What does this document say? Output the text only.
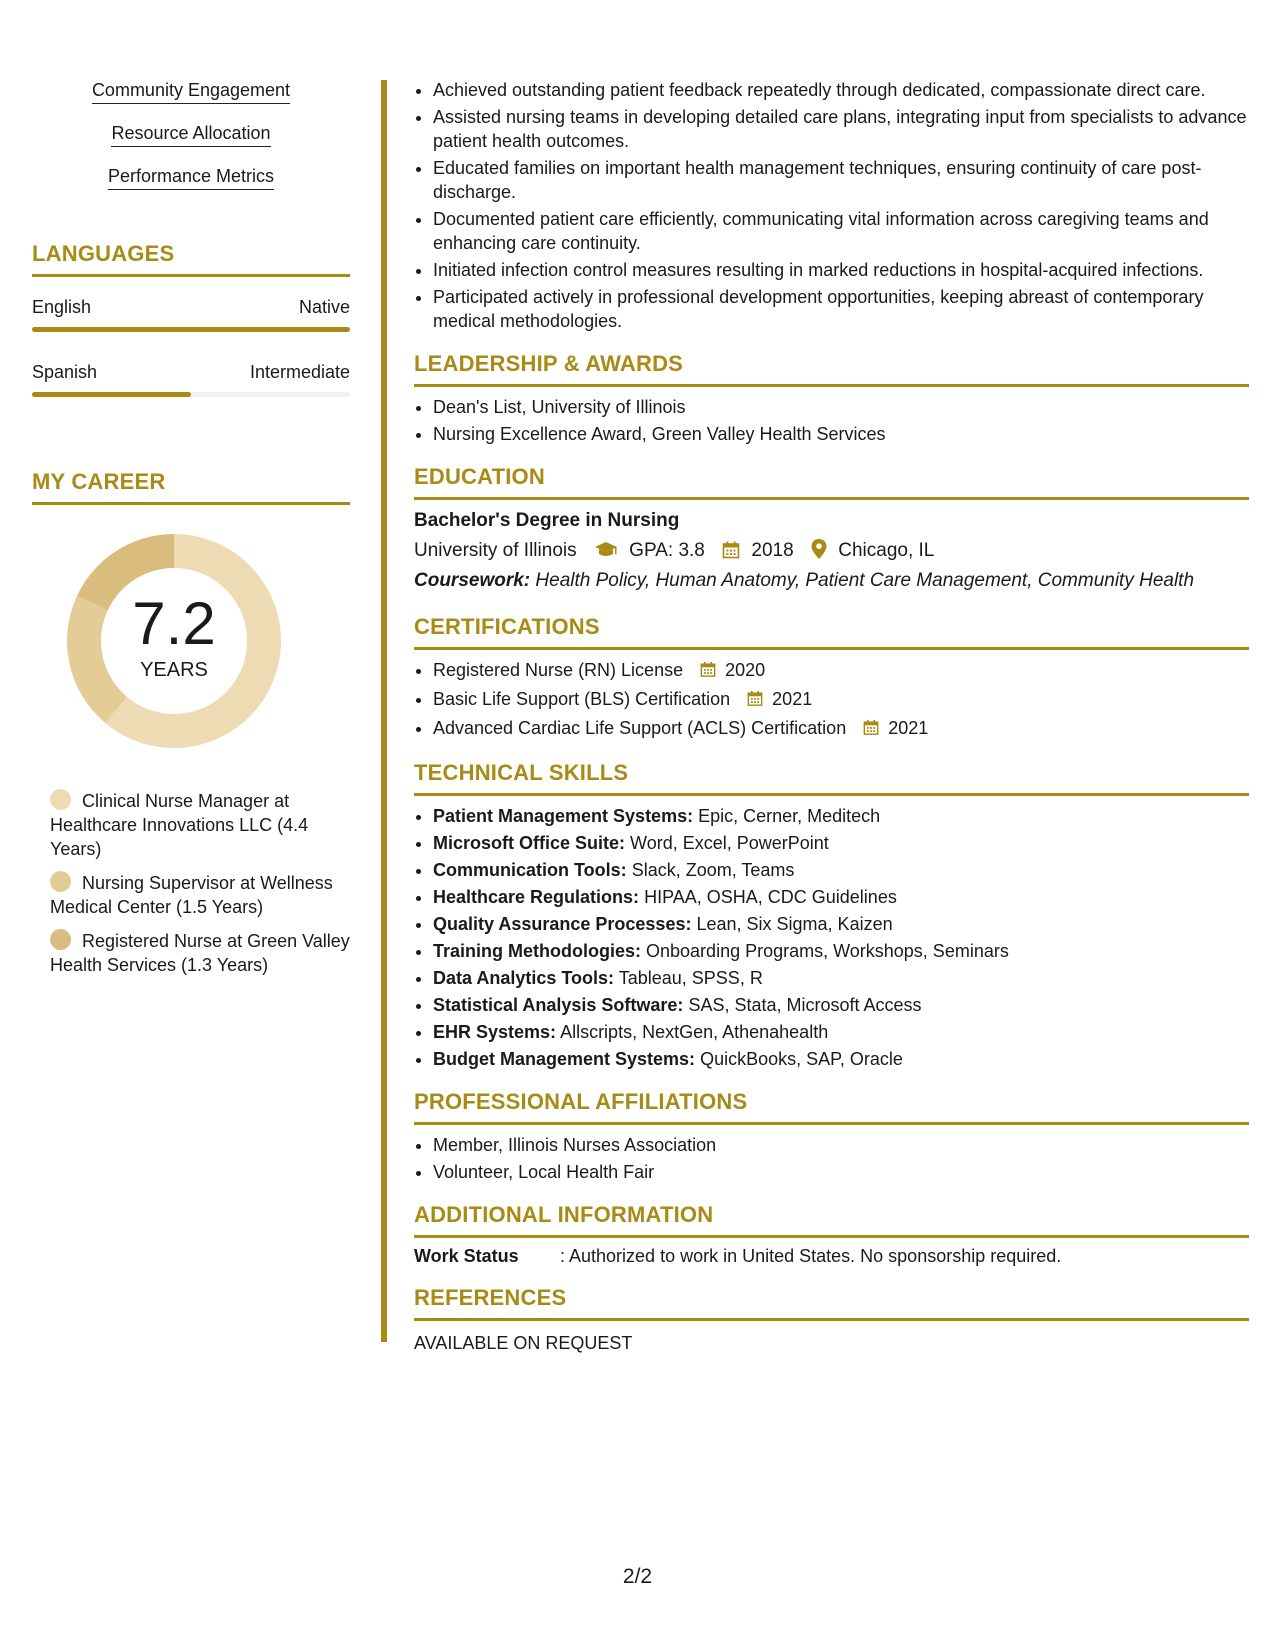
Community Engagement
Resource Allocation
Performance Metrics
LANGUAGES
English	Native
Spanish	Intermediate
MY CAREER
7.2
YEARS
Clinical Nurse Manager at Healthcare Innovations LLC (4.4 Years)
Nursing Supervisor at Wellness Medical Center (1.5 Years)
Registered Nurse at Green Valley Health Services (1.3 Years)
• Achieved outstanding patient feedback repeatedly through dedicated, compassionate direct care.
• Assisted nursing teams in developing detailed care plans, integrating input from specialists to advance patient health outcomes.
• Educated families on important health management techniques, ensuring continuity of care post-discharge.
• Documented patient care efficiently, communicating vital information across caregiving teams and enhancing care continuity.
• Initiated infection control measures resulting in marked reductions in hospital-acquired infections.
• Participated actively in professional development opportunities, keeping abreast of contemporary medical methodologies.
LEADERSHIP & AWARDS
• Dean's List, University of Illinois
• Nursing Excellence Award, Green Valley Health Services
EDUCATION
Bachelor's Degree in Nursing
University of Illinois	GPA: 3.8 2018 Chicago, IL
Coursework: Health Policy, Human Anatomy, Patient Care Management, Community Health
CERTIFICATIONS
• Registered Nurse (RN) License 2020
• Basic Life Support (BLS) Certification 2021
• Advanced Cardiac Life Support (ACLS) Certification 2021
TECHNICAL SKILLS
• Patient Management Systems: Epic, Cerner, Meditech
• Microsoft Office Suite: Word, Excel, PowerPoint
• Communication Tools: Slack, Zoom, Teams
• Healthcare Regulations: HIPAA, OSHA, CDC Guidelines
• Quality Assurance Processes: Lean, Six Sigma, Kaizen
• Training Methodologies: Onboarding Programs, Workshops, Seminars
• Data Analytics Tools: Tableau, SPSS, R
• Statistical Analysis Software: SAS, Stata, Microsoft Access
• EHR Systems: Allscripts, NextGen, Athenahealth
• Budget Management Systems: QuickBooks, SAP, Oracle
PROFESSIONAL AFFILIATIONS
• Member, Illinois Nurses Association
• Volunteer, Local Health Fair
ADDITIONAL INFORMATION
Work Status	: Authorized to work in United States. No sponsorship required.
REFERENCES
AVAILABLE ON REQUEST
2/2
